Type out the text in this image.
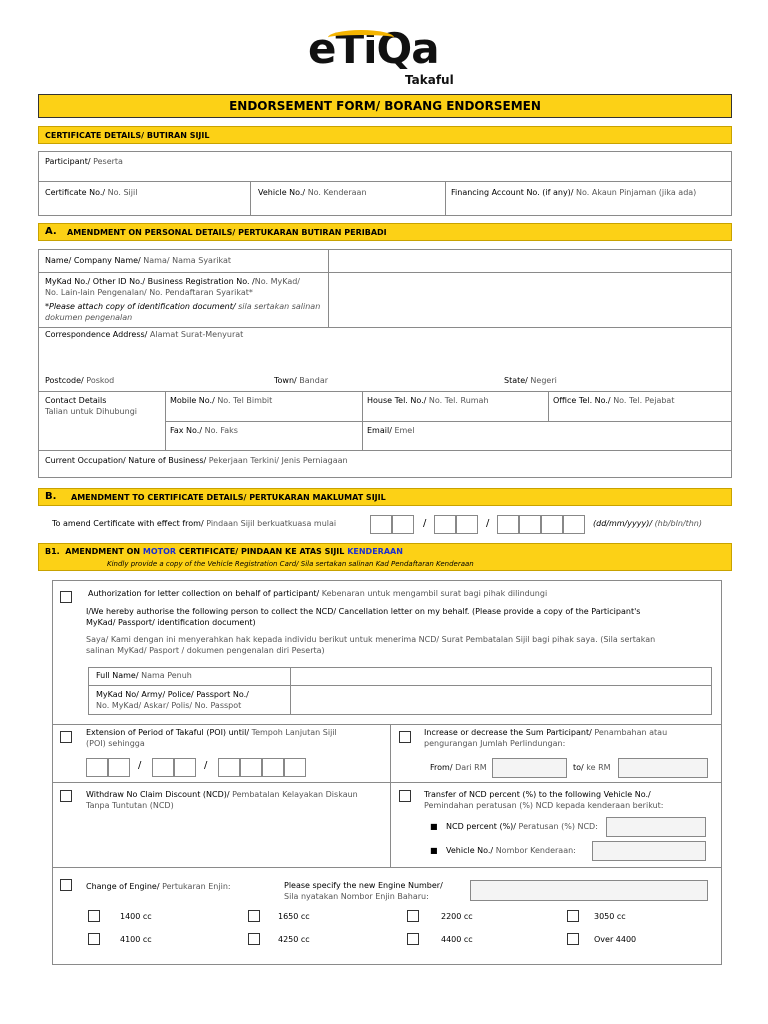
eTiQa
Takaful
ENDORSEMENT FORM/ BORANG ENDORSEMEN
CERTIFICATE DETAILS/ BUTIRAN SIJIL
Participant/ Peserta
Certificate No./ No. Sijil	Vehicle No./ No. Kenderaan	Financing Account No. (if any)/ No. Akaun Pinjaman (jika ada)
A. AMENDMENT ON PERSONAL DETAILS/ PERTUKARAN BUTIRAN PERIBADI
Name/ Company Name/ Nama/ Nama Syarikat
MyKad No./ Other ID No./ Business Registration No. /No. MyKad/
No. Lain-lain Pengenalan/ No. Pendaftaran Syarikat*
*Please attach copy of identification document/ sila sertakan salinan
dokumen pengenalan
Correspondence Address/ Alamat Surat-Menyurat
Postcode/ Poskod	Town/ Bandar	State/ Negeri
Contact Details
Talian untuk Dihubungi
Mobile No./ No. Tel Bimbit	House Tel. No./ No. Tel. Rumah	Office Tel. No./ No. Tel. Pejabat
Fax No./ No. Faks	Email/ Emel
Current Occupation/ Nature of Business/ Pekerjaan Terkini/ Jenis Perniagaan
B. AMENDMENT TO CERTIFICATE DETAILS/ PERTUKARAN MAKLUMAT SIJIL
To amend Certificate with effect from/ Pindaan Sijil berkuatkuasa mulai	/	/	(dd/mm/yyyy)/ (hb/bln/thn)
B1. AMENDMENT ON MOTOR CERTIFICATE/ PINDAAN KE ATAS SIJIL KENDERAAN
Kindly provide a copy of the Vehicle Registration Card/ Sila sertakan salinan Kad Pendaftaran Kenderaan
Authorization for letter collection on behalf of participant/ Kebenaran untuk mengambil surat bagi pihak dilindungi
I/We hereby authorise the following person to collect the NCD/ Cancellation letter on my behalf. (Please provide a copy of the Participant's
MyKad/ Passport/ identification document)
Saya/ Kami dengan ini menyerahkan hak kepada individu berikut untuk menerima NCD/ Surat Pembatalan Sijil bagi pihak saya. (Sila sertakan
salinan MyKad/ Pasport / dokumen pengenalan diri Peserta)
Full Name/ Nama Penuh
MyKad No/ Army/ Police/ Passport No./
No. MyKad/ Askar/ Polis/ No. Passpot
Extension of Period of Takaful (POI) until/ Tempoh Lanjutan Sijil
(POI) sehingga
/	/
Increase or decrease the Sum Participant/ Penambahan atau
pengurangan Jumlah Perlindungan:
From/ Dari RM	to/ ke RM
Withdraw No Claim Discount (NCD)/ Pembatalan Kelayakan Diskaun
Tanpa Tuntutan (NCD)
Transfer of NCD percent (%) to the following Vehicle No./
Pemindahan peratusan (%) NCD kepada kenderaan berikut:
■ NCD percent (%)/ Peratusan (%) NCD:
■ Vehicle No./ Nombor Kenderaan:
Change of Engine/ Pertukaran Enjin:	Please specify the new Engine Number/
Sila nyatakan Nombor Enjin Baharu:
1400 cc	1650 cc	2200 cc	3050 cc
4100 cc	4250 cc	4400 cc	Over 4400
